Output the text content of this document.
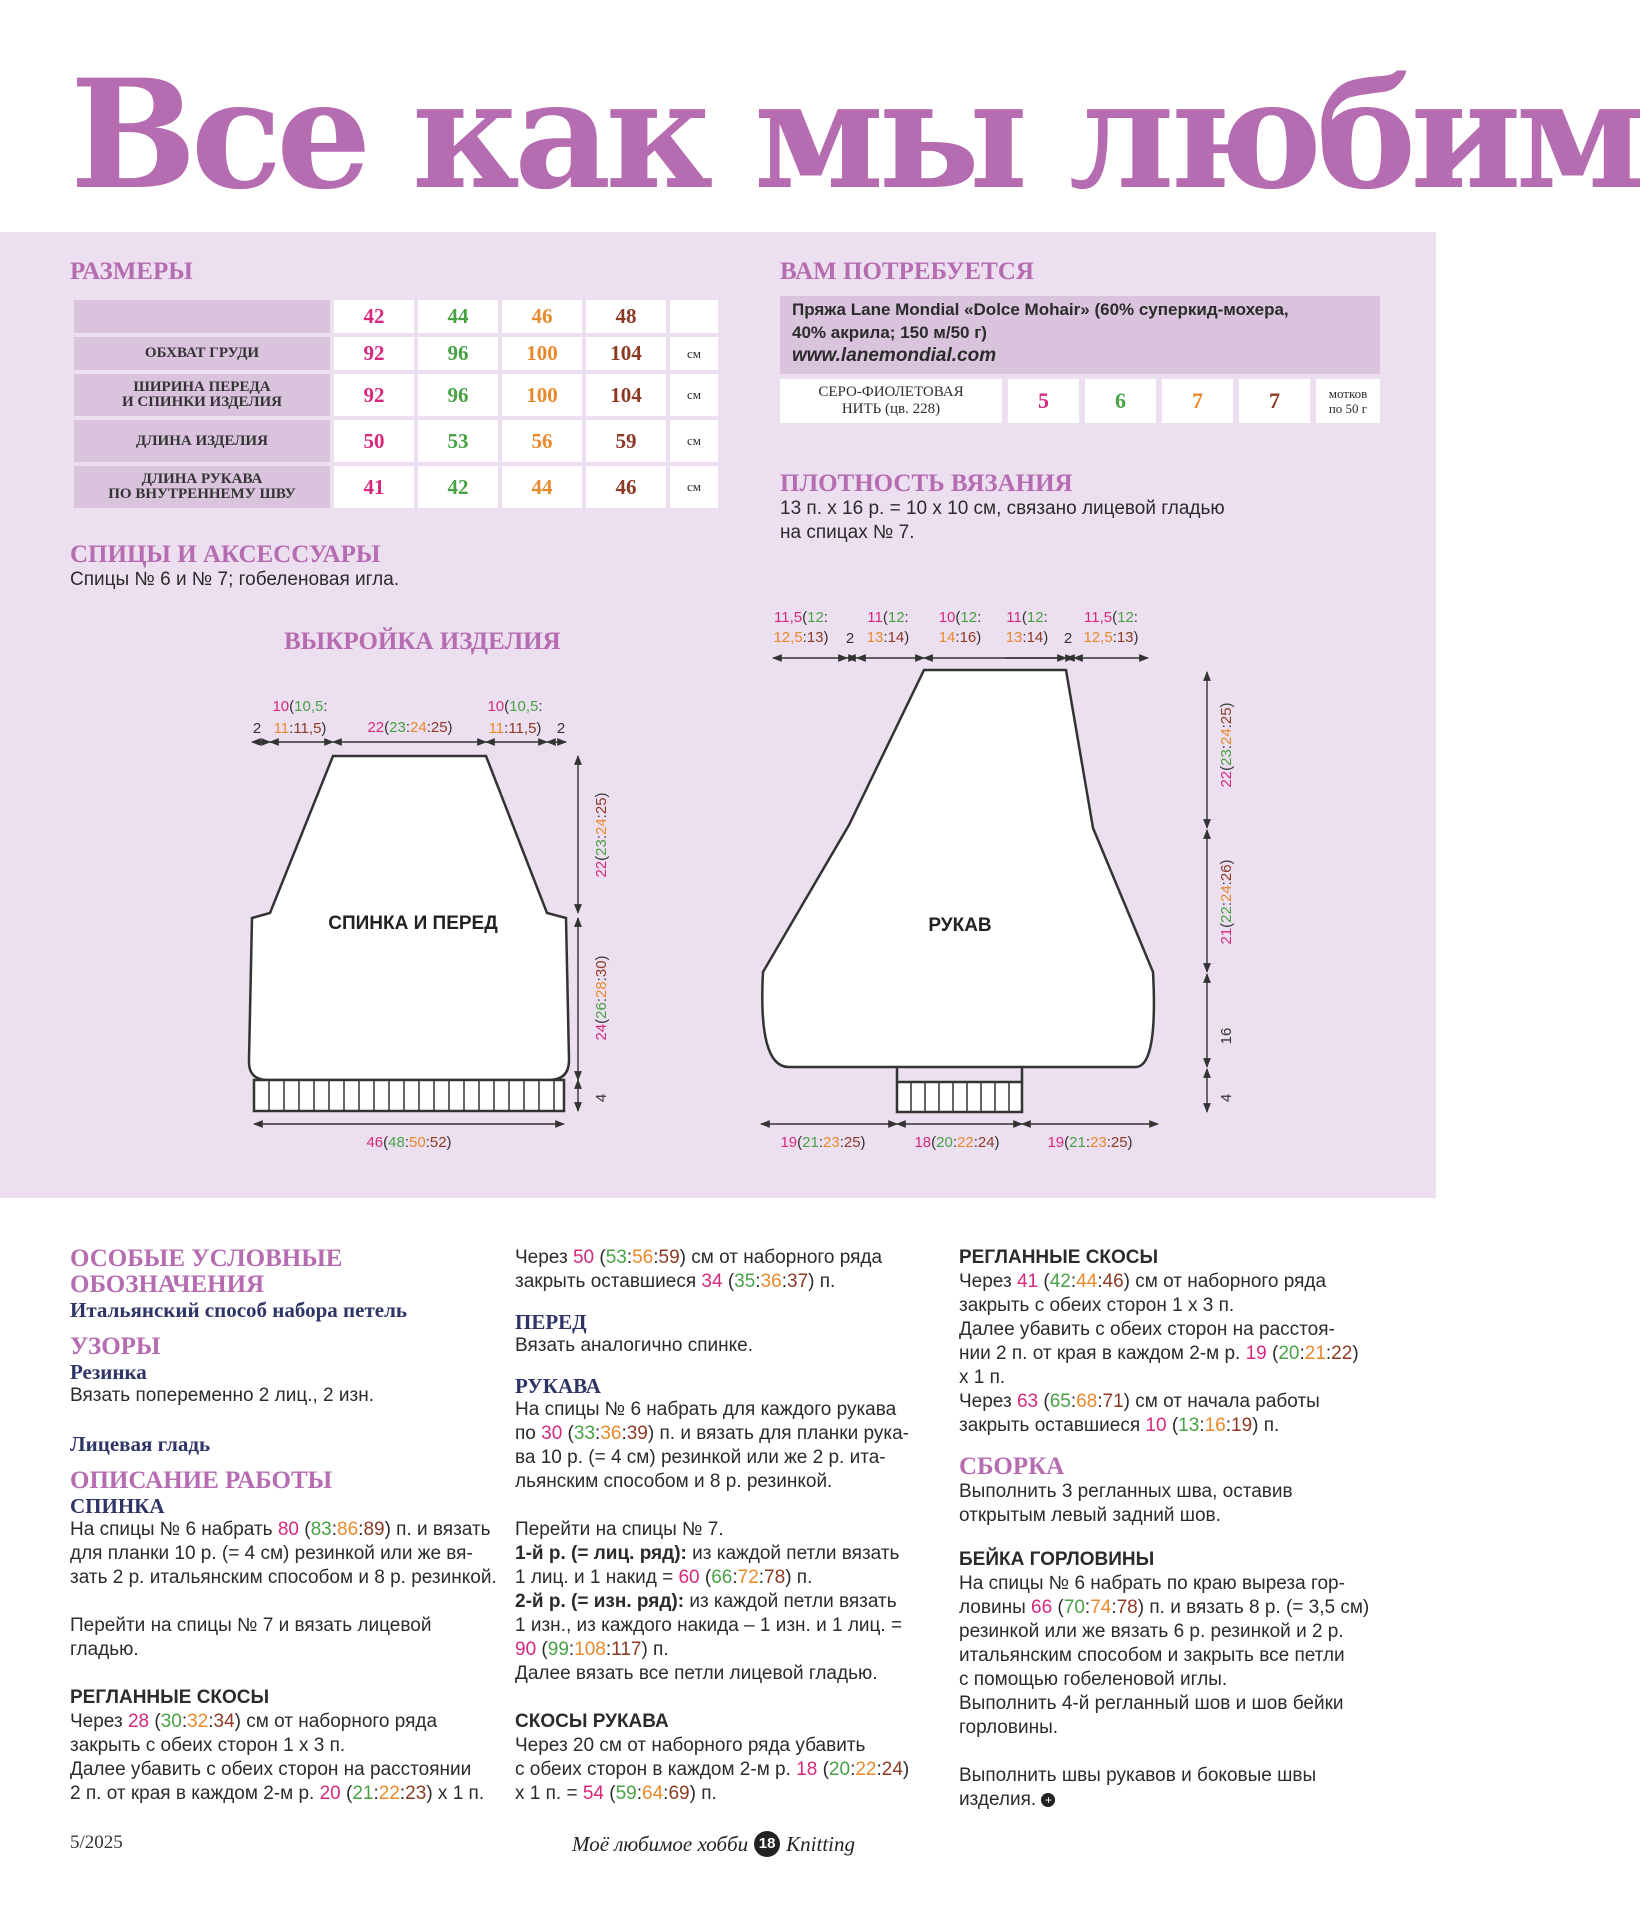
Все как мы любим
РАЗМЕРЫ
	42	44	46	48	
ОБХВАТ ГРУДИ	92	96	100	104	см
ШИРИНА ПЕРЕДА
И СПИНКИ ИЗДЕЛИЯ	92	96	100	104	см
ДЛИНА ИЗДЕЛИЯ	50	53	56	59	см
ДЛИНА РУКАВА
ПО ВНУТРЕННЕМУ ШВУ	41	42	44	46	см
ВАМ ПОТРЕБУЕТСЯ
Пряжа Lane Mondial «Dolce Mohair» (60% суперкид-мохера,
40% акрила; 150 м/50 г)
www.lanemondial.com
СЕРО-ФИОЛЕТОВАЯ
НИТЬ (цв. 228)	5	6	7	7	мотков
по 50 г
ПЛОТНОСТЬ ВЯЗАНИЯ
13 п. х 16 р. = 10 х 10 см, связано лицевой гладью
на спицах № 7.
СПИЦЫ И АКСЕССУАРЫ
Спицы № 6 и № 7; гобеленовая игла.
ВЫКРОЙКА ИЗДЕЛИЯ
СПИНКА И ПЕРЕД
2
10(10,5:
11:11,5)	22(23:24:25)
10(10,5:
11:11,5) 2
22(23:24:25)
24(26:28:30)
4
46(48:50:52)
РУКАВ
11,5(12:
12,5:13) 2
11(12:
13:14)
10(12:
14:16)
11(12:
13:14) 2
11,5(12:
12,5:13)
22(23:24:25)
21(22:24:26)
16
4
19(21:23:25)	18(20:22:24)	19(21:23:25)
ОСОБЫЕ УСЛОВНЫЕ
ОБОЗНАЧЕНИЯ
Итальянский способ набора петель
УЗОРЫ
Резинка

Вязать попеременно 2 лиц., 2 изн.

Лицевая гладь
ОПИСАНИЕ РАБОТЫ
СПИНКА

На спицы № 6 набрать 80 (83:86:89) п. и вязать
для планки 10 р. (= 4 см) резинкой или же вя-
зать 2 р. итальянским способом и 8 р. резинкой.

Перейти на спицы № 7 и вязать лицевой
гладью.

РЕГЛАННЫЕ СКОСЫ

Через 28 (30:32:34) см от наборного ряда
закрыть с обеих сторон 1 х 3 п.
Далее убавить с обеих сторон на расстоянии
2 п. от края в каждом 2-м р. 20 (21:22:23) х 1 п.

Через 50 (53:56:59) см от наборного ряда
закрыть оставшиеся 34 (35:36:37) п.

ПЕРЕД

Вязать аналогично спинке.

РУКАВА

На спицы № 6 набрать для каждого рукава
по 30 (33:36:39) п. и вязать для планки рука-
ва 10 р. (= 4 см) резинкой или же 2 р. ита-
льянским способом и 8 р. резинкой.

Перейти на спицы № 7.
1-й р. (= лиц. ряд): из каждой петли вязать
1 лиц. и 1 накид = 60 (66:72:78) п.
2-й р. (= изн. ряд): из каждой петли вязать
1 изн., из каждого накида – 1 изн. и 1 лиц. =
90 (99:108:117) п.
Далее вязать все петли лицевой гладью.

СКОСЫ РУКАВА

Через 20 см от наборного ряда убавить
с обеих сторон в каждом 2-м р. 18 (20:22:24)
х 1 п. = 54 (59:64:69) п.

РЕГЛАННЫЕ СКОСЫ

Через 41 (42:44:46) см от наборного ряда
закрыть с обеих сторон 1 х 3 п.
Далее убавить с обеих сторон на расстоя-
нии 2 п. от края в каждом 2-м р. 19 (20:21:22)
х 1 п.
Через 63 (65:68:71) см от начала работы
закрыть оставшиеся 10 (13:16:19) п.

СБОРКА

Выполнить 3 регланных шва, оставив
открытым левый задний шов.

БЕЙКА ГОРЛОВИНЫ

На спицы № 6 набрать по краю выреза гор-
ловины 66 (70:74:78) п. и вязать 8 р. (= 3,5 см)
резинкой или же вязать 6 р. резинкой и 2 р.
итальянским способом и закрыть все петли
с помощью гобеленовой иглы.
Выполнить 4-й регланный шов и шов бейки
горловины.

Выполнить швы рукавов и боковые швы
изделия. +

5/2025	Моё любимое хобби 18 Knitting
